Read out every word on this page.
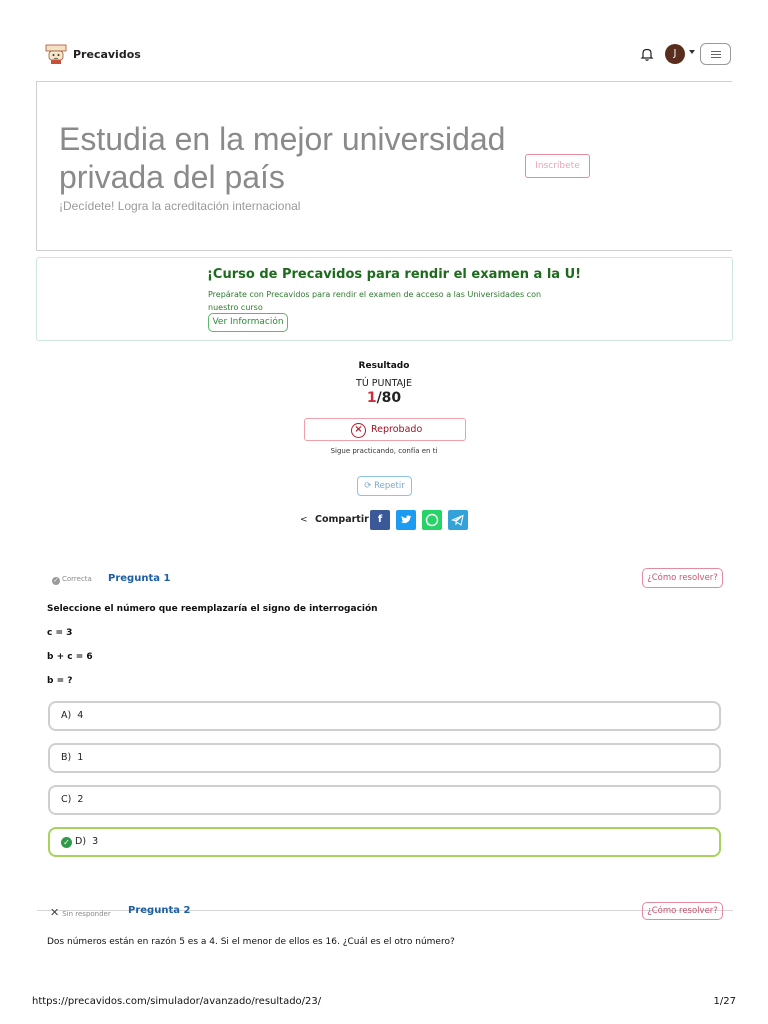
Precavidos	J
Estudia en la mejor universidad privada del país
¡Decídete! Logra la acreditación internacional
Inscríbete
¡Curso de Precavidos para rendir el examen a la U!
Prepárate con Precavidos para rendir el examen de acceso a las Universidades con nuestro curso
Ver Información
Resultado
TÚ PUNTAJE
1/80
× Reprobado
Sigue practicando, confía en ti
⟳ Repetir
< Compartir f
✓ Correcta Pregunta 1	¿Cómo resolver?
Seleccione el número que reemplazaría el signo de interrogación
c = 3
b + c = 6
b = ?
A) 4
B) 1
C) 2
✓ D) 3
✕ Sin responder Pregunta 2	¿Cómo resolver?
Dos números están en razón 5 es a 4. Si el menor de ellos es 16. ¿Cuál es el otro número?
https://precavidos.com/simulador/avanzado/resultado/23/	1/27
